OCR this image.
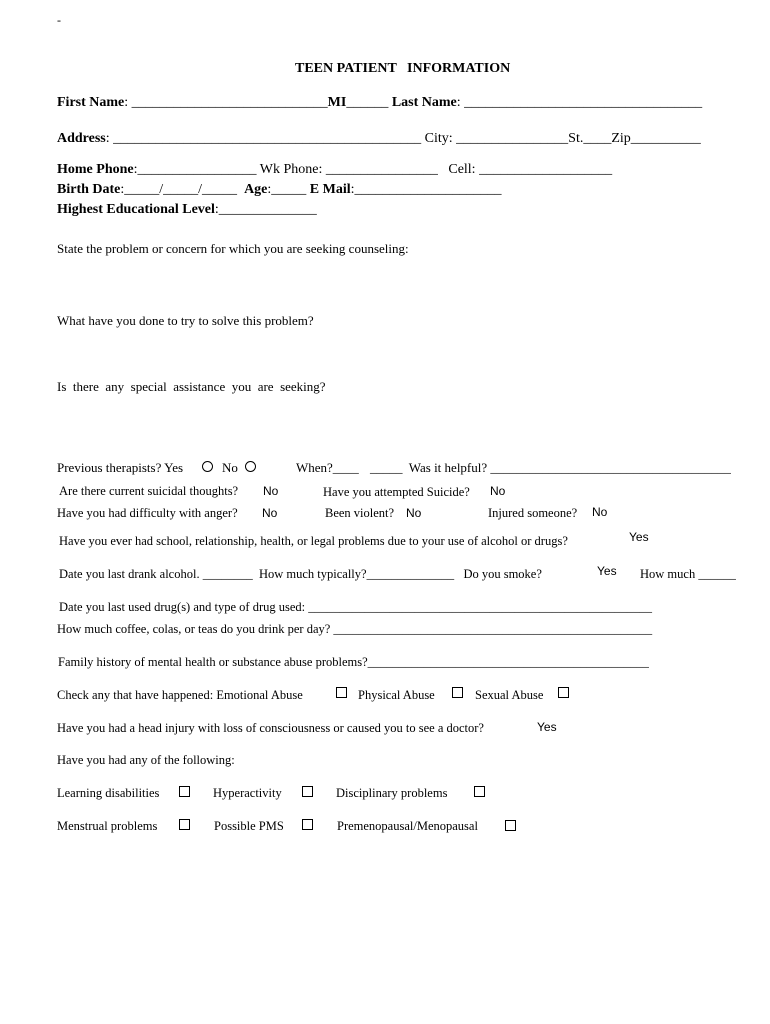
-
TEEN PATIENT   INFORMATION
First Name: ____________________________MI______ Last Name: __________________________________
Address: ____________________________________________ City: ________________St.____Zip__________
Home Phone:_________________ Wk Phone: ________________   Cell: ___________________
Birth Date:_____/_____/_____  Age:_____ E Mail:_____________________
Highest Educational Level:______________
State the problem or concern for which you are seeking counseling:
What have you done to try to solve this problem?
Is  there  any  special  assistance  you  are  seeking?
Previous therapists? Yes	No	When?____ _____  Was it helpful? _____________________________________
Are there current suicidal thoughts? No	Have you attempted Suicide? No
Have you had difficulty with anger? No	Been violent? No	Injured someone? No
Have you ever had school, relationship, health, or legal problems due to your use of alcohol or drugs?	Yes
Date you last drank alcohol. ________  How much typically?______________   Do you smoke?	Yes How much ______
Date you last used drug(s) and type of drug used: _______________________________________________________
How much coffee, colas, or teas do you drink per day? ___________________________________________________
Family history of mental health or substance abuse problems?_____________________________________________
Check any that have happened: Emotional Abuse	Physical Abuse	Sexual Abuse
Have you had a head injury with loss of consciousness or caused you to see a doctor?	Yes
Have you had any of the following:
Learning disabilities	Hyperactivity	Disciplinary problems
Menstrual problems	Possible PMS	Premenopausal/Menopausal
